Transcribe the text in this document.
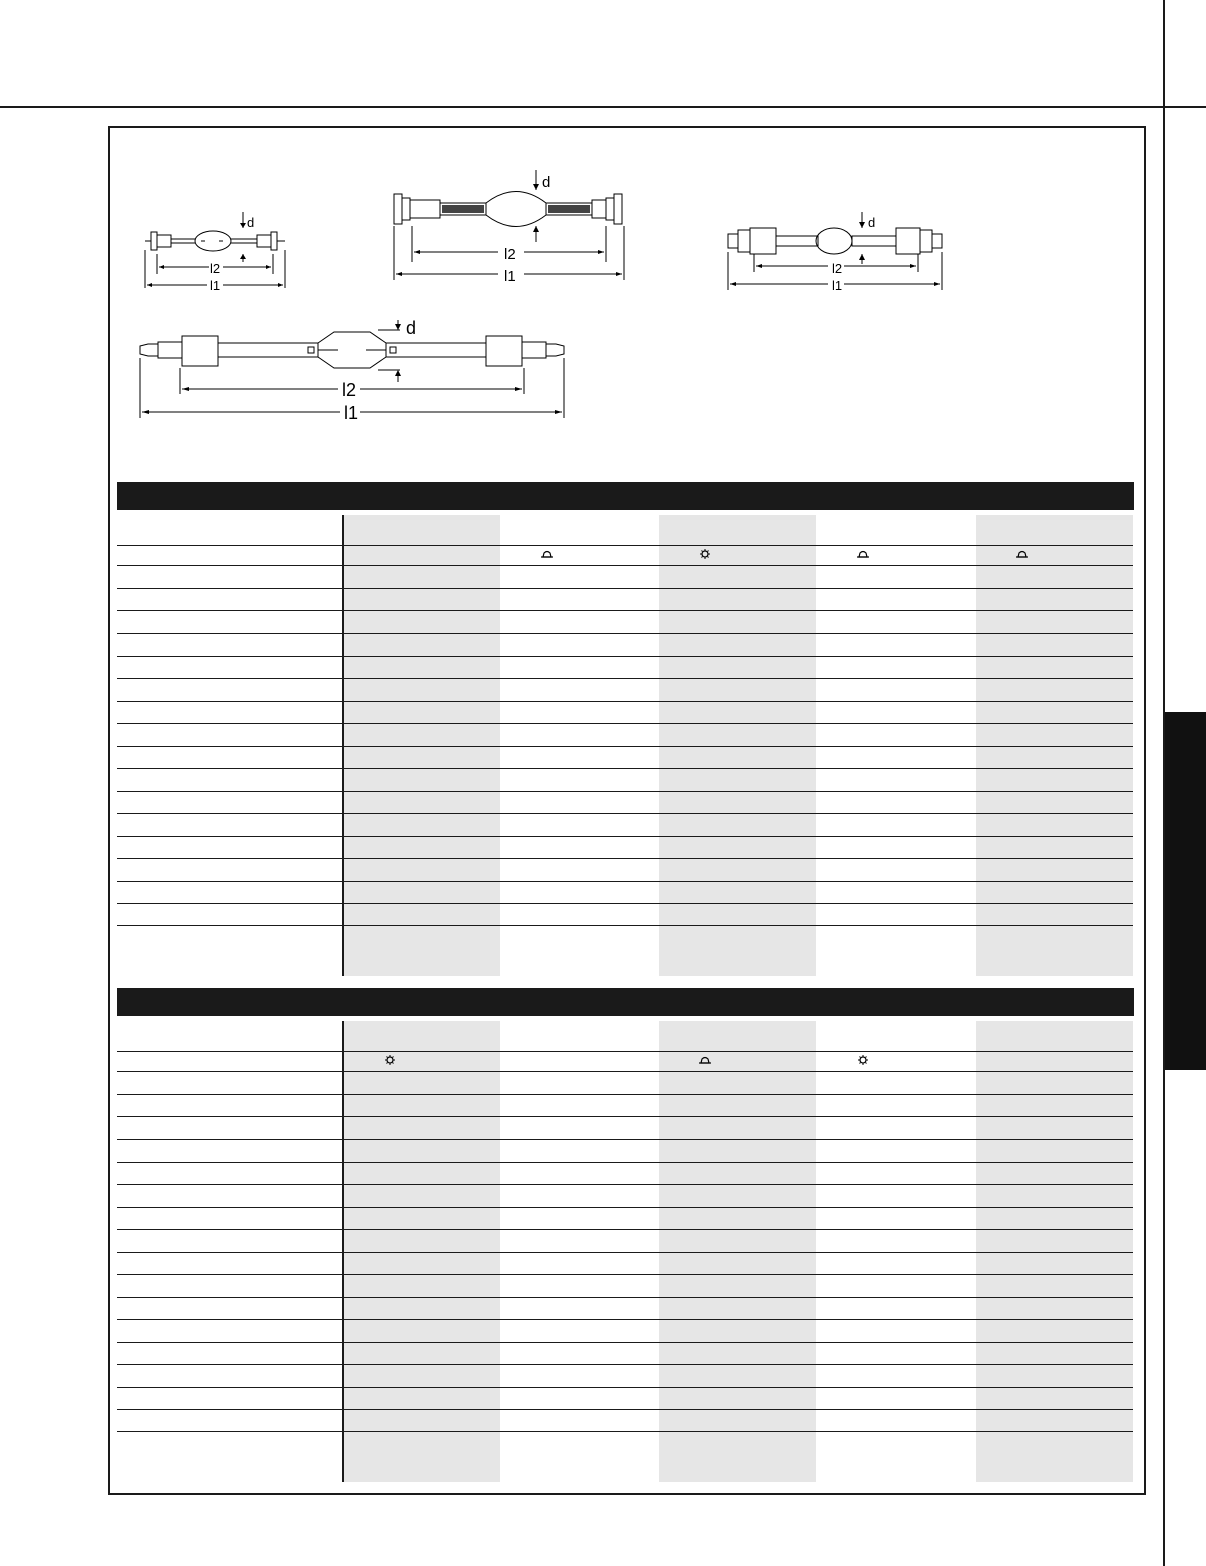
d
l2
l1
d
l2
l1
d
l2
l1
d
l2
l1
